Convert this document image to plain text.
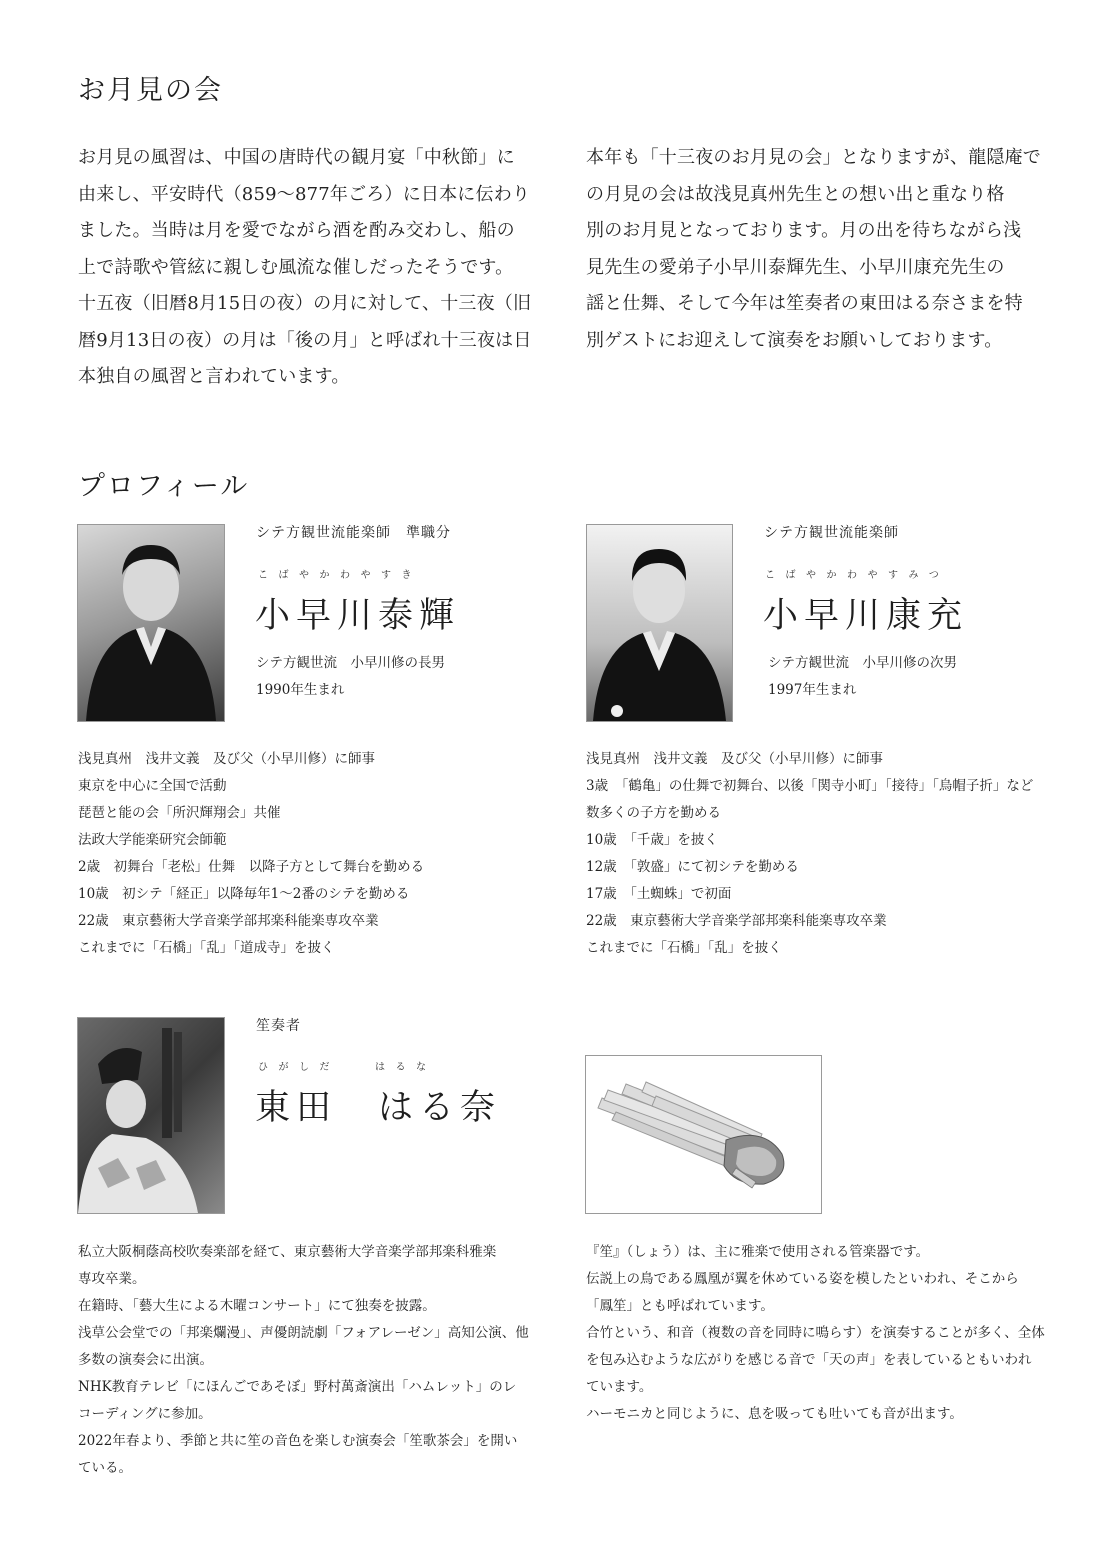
お月見の会
お月見の風習は、中国の唐時代の観月宴「中秋節」に
由来し、平安時代（859〜877年ごろ）に日本に伝わり
ました。当時は月を愛でながら酒を酌み交わし、船の
上で詩歌や管絃に親しむ風流な催しだったそうです。
十五夜（旧暦8月15日の夜）の月に対して、十三夜（旧
暦9月13日の夜）の月は「後の月」と呼ばれ十三夜は日
本独自の風習と言われています。
本年も「十三夜のお月見の会」となりますが、龍隠庵で
の月見の会は故浅見真州先生との想い出と重なり格
別のお月見となっております。月の出を待ちながら浅
見先生の愛弟子小早川泰輝先生、小早川康充先生の
謡と仕舞、そして今年は笙奏者の東田はる奈さまを特
別ゲストにお迎えして演奏をお願いしております。
プロフィール
シテ方観世流能楽師　準職分
こばやかわやすき
小早川泰輝
シテ方観世流　小早川修の長男
1990年生まれ
浅見真州　浅井文義　及び父（小早川修）に師事
東京を中心に全国で活動
琵琶と能の会「所沢輝翔会」共催
法政大学能楽研究会師範
2歳　初舞台「老松」仕舞　以降子方として舞台を勤める
10歳　初シテ「経正」以降毎年1〜2番のシテを勤める
22歳　東京藝術大学音楽学部邦楽科能楽専攻卒業
これまでに「石橋」「乱」「道成寺」を披く
シテ方観世流能楽師
こばやかわやすみつ
小早川康充
シテ方観世流　小早川修の次男
1997年生まれ
浅見真州　浅井文義　及び父（小早川修）に師事
3歳　「鶴亀」の仕舞で初舞台、以後「関寺小町」「接待」「烏帽子折」など
数多くの子方を勤める
10歳　「千歳」を披く
12歳　「敦盛」にて初シテを勤める
17歳　「土蜘蛛」で初面
22歳　東京藝術大学音楽学部邦楽科能楽専攻卒業
これまでに「石橋」「乱」を披く
笙奏者
ひがしだ	はるな
東田　はる奈
私立大阪桐蔭高校吹奏楽部を経て、東京藝術大学音楽学部邦楽科雅楽
専攻卒業。
在籍時、「藝大生による木曜コンサート」にて独奏を披露。
浅草公会堂での「邦楽爛漫」、声優朗読劇「フォアレーゼン」高知公演、他
多数の演奏会に出演。
NHK教育テレビ「にほんごであそぼ」野村萬斎演出「ハムレット」のレ
コーディングに参加。
2022年春より、季節と共に笙の音色を楽しむ演奏会「笙歌茶会」を開い
ている。
『笙』（しょう）は、主に雅楽で使用される管楽器です。
伝説上の鳥である鳳凰が翼を休めている姿を模したといわれ、そこから
「鳳笙」とも呼ばれています。
合竹という、和音（複数の音を同時に鳴らす）を演奏することが多く、全体
を包み込むような広がりを感じる音で「天の声」を表しているともいわれ
ています。
ハーモニカと同じように、息を吸っても吐いても音が出ます。
